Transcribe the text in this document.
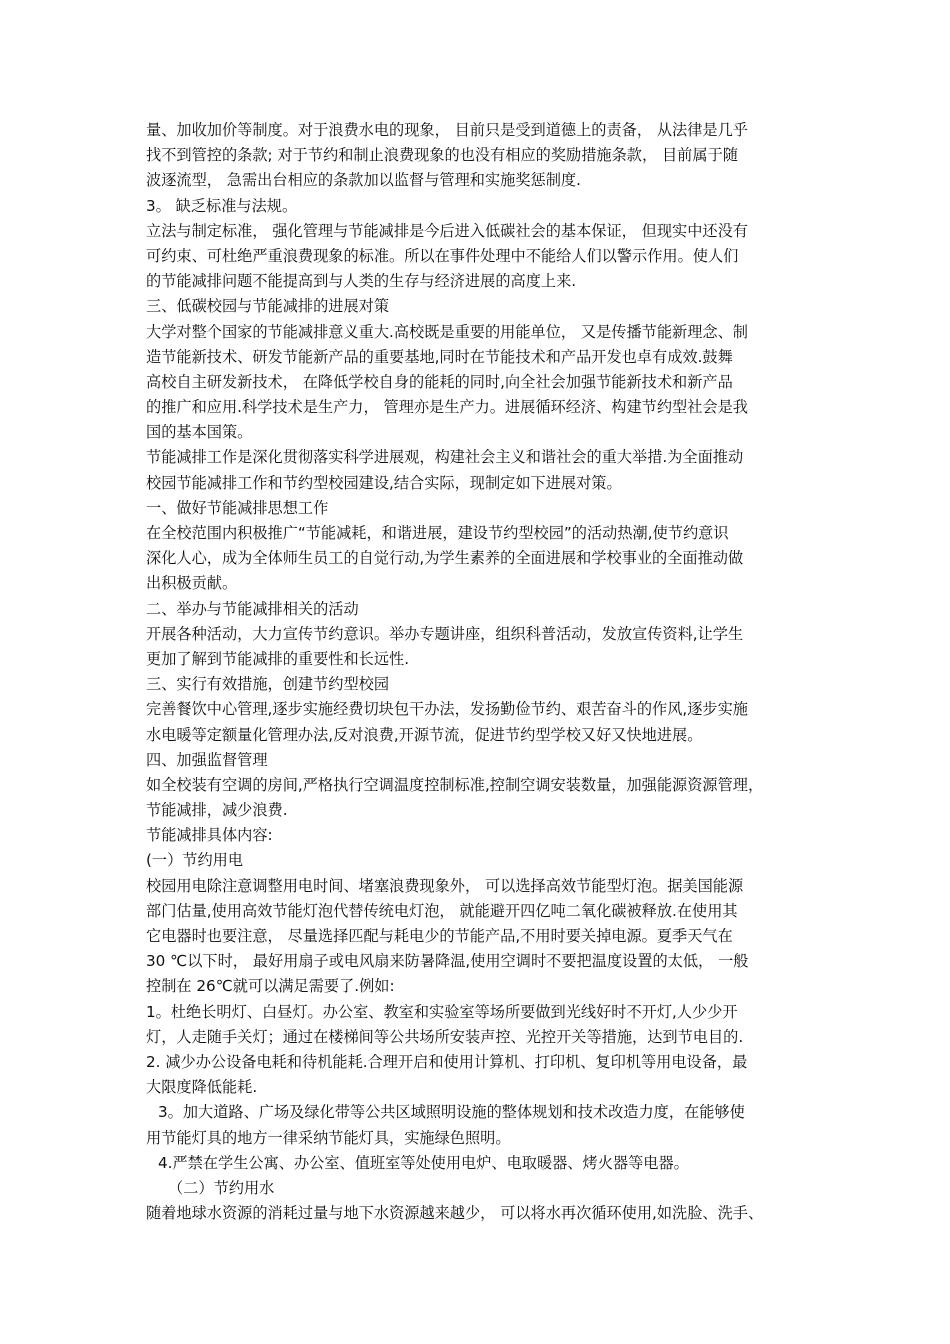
量、加收加价等制度。对于浪费水电的现象， 目前只是受到道德上的责备， 从法律是几乎
找不到管控的条款; 对于节约和制止浪费现象的也没有相应的奖励措施条款， 目前属于随
波逐流型， 急需出台相应的条款加以监督与管理和实施奖惩制度.
3。 缺乏标准与法规。
立法与制定标准， 强化管理与节能减排是今后进入低碳社会的基本保证， 但现实中还没有
可约束、可杜绝严重浪费现象的标准。所以在事件处理中不能给人们以警示作用。使人们
的节能减排问题不能提高到与人类的生存与经济进展的高度上来.
三、低碳校园与节能减排的进展对策
大学对整个国家的节能减排意义重大.高校既是重要的用能单位， 又是传播节能新理念、制
造节能新技术、研发节能新产品的重要基地,同时在节能技术和产品开发也卓有成效.鼓舞
高校自主研发新技术， 在降低学校自身的能耗的同时,向全社会加强节能新技术和新产品
的推广和应用.科学技术是生产力， 管理亦是生产力。进展循环经济、构建节约型社会是我
国的基本国策。
节能减排工作是深化贯彻落实科学进展观，构建社会主义和谐社会的重大举措.为全面推动
校园节能减排工作和节约型校园建设,结合实际，现制定如下进展对策。
一、做好节能减排思想工作
在全校范围内积极推广“节能减耗，和谐进展，建设节约型校园”的活动热潮,使节约意识
深化人心，成为全体师生员工的自觉行动,为学生素养的全面进展和学校事业的全面推动做
出积极贡献。
二、举办与节能减排相关的活动
开展各种活动，大力宣传节约意识。举办专题讲座，组织科普活动，发放宣传资料,让学生
更加了解到节能减排的重要性和长远性.
三、实行有效措施，创建节约型校园
完善餐饮中心管理,逐步实施经费切块包干办法，发扬勤俭节约、艰苦奋斗的作风,逐步实施
水电暖等定额量化管理办法,反对浪费,开源节流，促进节约型学校又好又快地进展。
四、加强监督管理
如全校装有空调的房间,严格执行空调温度控制标准,控制空调安装数量，加强能源资源管理，
节能减排，减少浪费.
节能减排具体内容:
(一）节约用电
校园用电除注意调整用电时间、堵塞浪费现象外， 可以选择高效节能型灯泡。据美国能源
部门估量,使用高效节能灯泡代替传统电灯泡， 就能避开四亿吨二氧化碳被释放.在使用其
它电器时也要注意， 尽量选择匹配与耗电少的节能产品,不用时要关掉电源。夏季天气在
30 ℃以下时， 最好用扇子或电风扇来防暑降温,使用空调时不要把温度设置的太低， 一般
控制在 26℃就可以满足需要了.例如:
1。杜绝长明灯、白昼灯。办公室、教室和实验室等场所要做到光线好时不开灯,人少少开
灯，人走随手关灯；通过在楼梯间等公共场所安装声控、光控开关等措施，达到节电目的.
2. 减少办公设备电耗和待机能耗.合理开启和使用计算机、打印机、复印机等用电设备，最
大限度降低能耗.
3。加大道路、广场及绿化带等公共区域照明设施的整体规划和技术改造力度，在能够使
用节能灯具的地方一律采纳节能灯具，实施绿色照明。
4.严禁在学生公寓、办公室、值班室等处使用电炉、电取暖器、烤火器等电器。
（二）节约用水
随着地球水资源的消耗过量与地下水资源越来越少， 可以将水再次循环使用,如洗脸、洗手、
